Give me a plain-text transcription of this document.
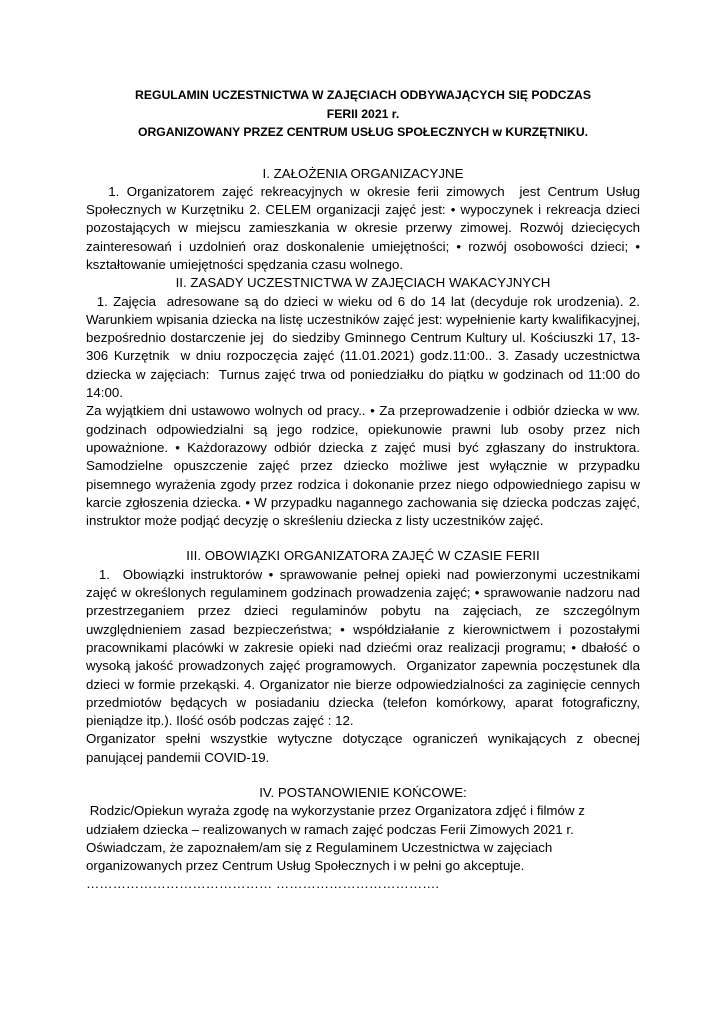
REGULAMIN UCZESTNICTWA W ZAJĘCIACH ODBYWAJĄCYCH SIĘ PODCZAS
FERII 2021 r.
ORGANIZOWANY PRZEZ CENTRUM USŁUG SPOŁECZNYCH w KURZĘTNIKU.
I. ZAŁOŻENIA ORGANIZACYJNE

1. Organizatorem zajęć rekreacyjnych w okresie ferii zimowych  jest Centrum Usług Społecznych w Kurzętniku 2. CELEM organizacji zajęć jest: • wypoczynek i rekreacja dzieci pozostających w miejscu zamieszkania w okresie przerwy zimowej. Rozwój dziecięcych zainteresowań i uzdolnień oraz doskonalenie umiejętności; • rozwój osobowości dzieci; • kształtowanie umiejętności spędzania czasu wolnego.

II. ZASADY UCZESTNICTWA W ZAJĘCIACH WAKACYJNYCH

1. Zajęcia  adresowane są do dzieci w wieku od 6 do 14 lat (decyduje rok urodzenia). 2. Warunkiem wpisania dziecka na listę uczestników zajęć jest: wypełnienie karty kwalifikacyjnej, bezpośrednio dostarczenie jej  do siedziby Gminnego Centrum Kultury ul. Kościuszki 17, 13-306 Kurzętnik  w dniu rozpoczęcia zajęć (11.01.2021) godz.11:00.. 3. Zasady uczestnictwa dziecka w zajęciach:  Turnus zajęć trwa od poniedziałku do piątku w godzinach od 11:00 do 14:00.

Za wyjątkiem dni ustawowo wolnych od pracy.. • Za przeprowadzenie i odbiór dziecka w ww. godzinach odpowiedzialni są jego rodzice, opiekunowie prawni lub osoby przez nich upoważnione. • Każdorazowy odbiór dziecka z zajęć musi być zgłaszany do instruktora. Samodzielne opuszczenie zajęć przez dziecko możliwe jest wyłącznie w przypadku pisemnego wyrażenia zgody przez rodzica i dokonanie przez niego odpowiedniego zapisu w karcie zgłoszenia dziecka. • W przypadku nagannego zachowania się dziecka podczas zajęć, instruktor może podjąć decyzję o skreśleniu dziecka z listy uczestników zajęć.

III. OBOWIĄZKI ORGANIZATORA ZAJĘĆ W CZASIE FERII

1.  Obowiązki instruktorów • sprawowanie pełnej opieki nad powierzonymi uczestnikami zajęć w określonych regulaminem godzinach prowadzenia zajęć; • sprawowanie nadzoru nad przestrzeganiem przez dzieci regulaminów pobytu na zajęciach, ze szczególnym uwzględnieniem zasad bezpieczeństwa; • współdziałanie z kierownictwem i pozostałymi pracownikami placówki w zakresie opieki nad dziećmi oraz realizacji programu; • dbałość o wysoką jakość prowadzonych zajęć programowych.  Organizator zapewnia poczęstunek dla dzieci w formie przekąski. 4. Organizator nie bierze odpowiedzialności za zaginięcie cennych przedmiotów będących w posiadaniu dziecka (telefon komórkowy, aparat fotograficzny, pieniądze itp.). Ilość osób podczas zajęć : 12.

Organizator spełni wszystkie wytyczne dotyczące ograniczeń wynikających z obecnej panującej pandemii COVID-19.

IV. POSTANOWIENIE KOŃCOWE:

Rodzic/Opiekun wyraża zgodę na wykorzystanie przez Organizatora zdjęć i filmów z udziałem dziecka – realizowanych w ramach zajęć podczas Ferii Zimowych 2021 r.

Oświadczam, że zapoznałem/am się z Regulaminem Uczestnictwa w zajęciach organizowanych przez Centrum Usług Społecznych i w pełni go akceptuje.

…………………………………… ……………………………….
